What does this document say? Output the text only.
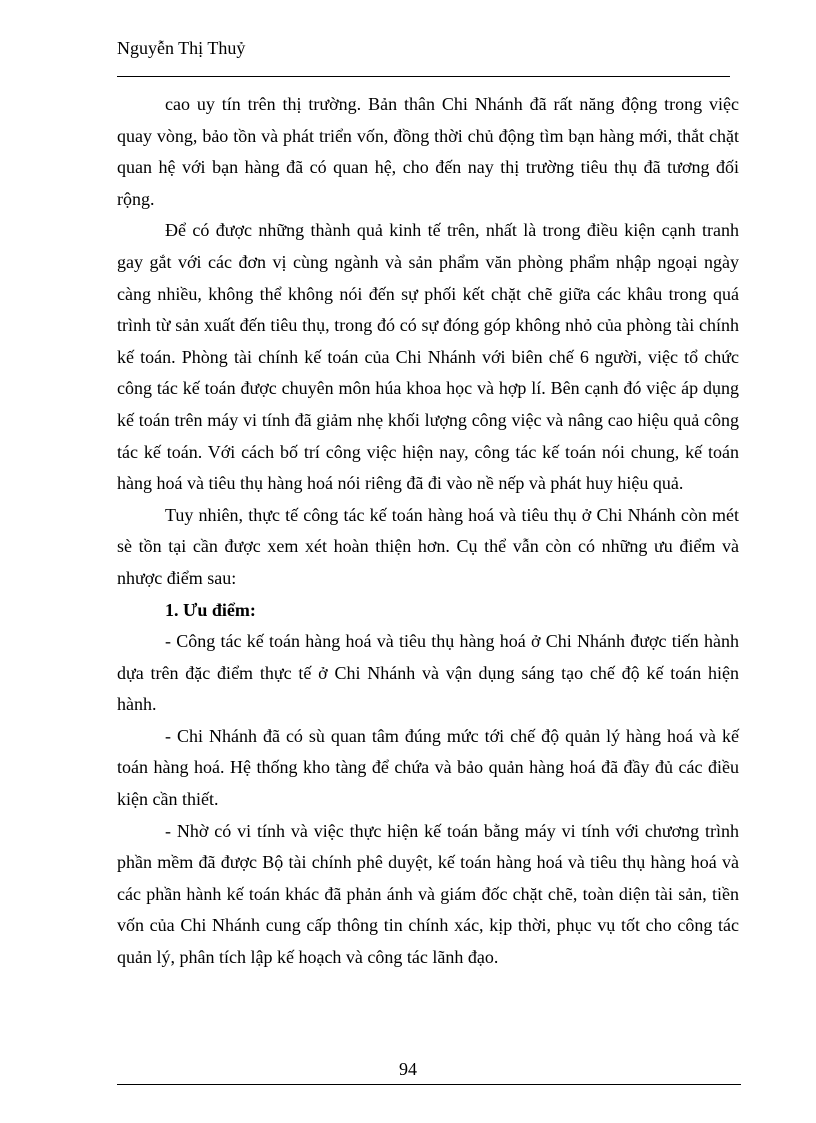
Nguyễn Thị Thuỷ

cao uy tín trên thị trường. Bản thân Chi Nhánh đã rất năng động trong việc quay vòng, bảo tồn và phát triển vốn, đồng thời chủ động tìm bạn hàng mới, thắt chặt quan hệ với bạn hàng đã có quan hệ, cho đến nay thị trường tiêu thụ đã tương đối rộng.

Để có được những thành quả kinh tế trên, nhất là trong điều kiện cạnh tranh gay gắt với các đơn vị cùng ngành và sản phẩm văn phòng phẩm nhập ngoại ngày càng nhiều, không thể không nói đến sự phối kết chặt chẽ giữa các khâu trong quá trình từ sản xuất đến tiêu thụ, trong đó có sự đóng góp không nhỏ của phòng tài chính kế toán. Phòng tài chính kế toán của Chi Nhánh với biên chế 6 người, việc tổ chức công tác kế toán được chuyên môn húa khoa học và hợp lí. Bên cạnh đó việc áp dụng kế toán trên máy vi tính đã giảm nhẹ khối lượng công việc và nâng cao hiệu quả công tác kế toán. Với cách bố trí công việc hiện nay, công tác kế toán nói chung, kế toán hàng hoá và tiêu thụ hàng hoá nói riêng đã đi vào nề nếp và phát huy hiệu quả.

Tuy nhiên, thực tế công tác kế toán hàng hoá và tiêu thụ ở Chi Nhánh còn mét sè tồn tại cần được xem xét hoàn thiện hơn. Cụ thể vẫn còn có những ưu điểm và nhược điểm sau:

1. Ưu điểm:

- Công tác kế toán hàng hoá và tiêu thụ hàng hoá ở Chi Nhánh được tiến hành dựa trên đặc điểm thực tế ở Chi Nhánh và vận dụng sáng tạo chế độ kế toán hiện hành.

- Chi Nhánh đã có sù quan tâm đúng mức tới chế độ quản lý hàng hoá và kế toán hàng hoá. Hệ thống kho tàng để chứa và bảo quản hàng hoá đã đầy đủ các điều kiện cần thiết.

- Nhờ có vi tính và việc thực hiện kế toán bằng máy vi tính với chương trình phần mềm đã được Bộ tài chính phê duyệt, kế toán hàng hoá và tiêu thụ hàng hoá và các phần hành kế toán khác đã phản ánh và giám đốc chặt chẽ, toàn diện tài sản, tiền vốn của Chi Nhánh cung cấp thông tin chính xác, kịp thời, phục vụ tốt cho công tác quản lý, phân tích lập kế hoạch và công tác lãnh đạo.

94
